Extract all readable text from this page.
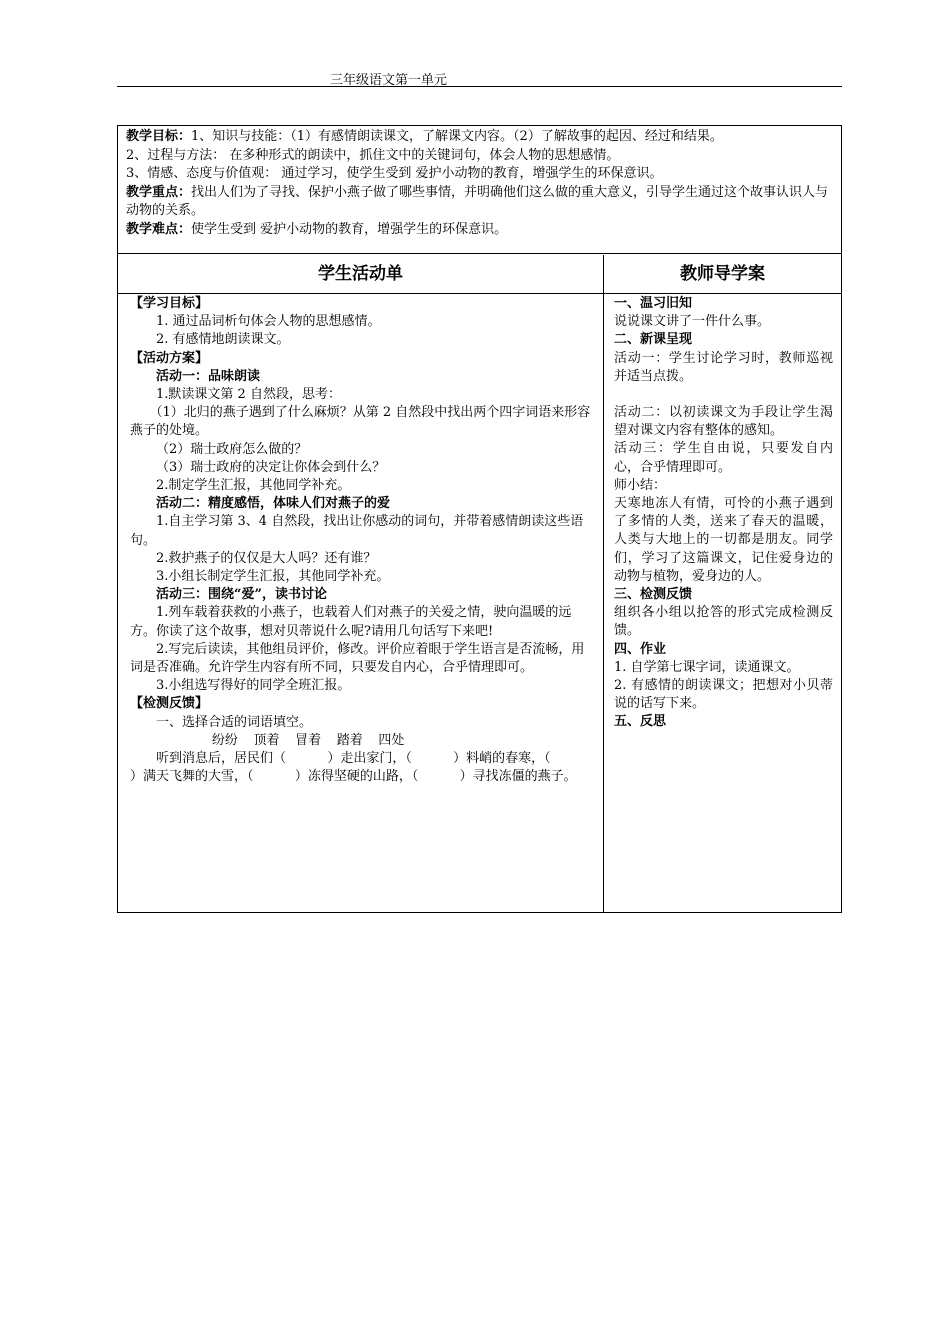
三年级语文第一单元

教学目标：1、知识与技能：（1）有感情朗读课文，了解课文内容。（2）了解故事的起因、经过和结果。

2、过程与方法： 在多种形式的朗读中，抓住文中的关键词句，体会人物的思想感情。

3、情感、态度与价值观： 通过学习，使学生受到 爱护小动物的教育，增强学生的环保意识。

教学重点：找出人们为了寻找、保护小燕子做了哪些事情，并明确他们这么做的重大意义，引导学生通过这个故事认识人与动物的关系。

教学难点：使学生受到 爱护小动物的教育，增强学生的环保意识。

学生活动单	教师导学案

【学习目标】

1. 通过品词析句体会人物的思想感情。

2. 有感情地朗读课文。

【活动方案】

活动一：品味朗读

1.默读课文第 2 自然段，思考：

（1）北归的燕子遇到了什么麻烦？从第 2 自然段中找出两个四字词语来形容燕子的处境。

（2）瑞士政府怎么做的？

（3）瑞士政府的决定让你体会到什么？

2.制定学生汇报，其他同学补充。

活动二：精度感悟，体味人们对燕子的爱

1.自主学习第 3、4 自然段，找出让你感动的词句，并带着感情朗读这些语句。

2.救护燕子的仅仅是大人吗？还有谁？

3.小组长制定学生汇报，其他同学补充。

活动三：围绕“爱”，读书讨论

1.列车载着获救的小燕子，也载着人们对燕子的关爱之情，驶向温暖的远方。你读了这个故事，想对贝蒂说什么呢?请用几句话写下来吧!

2.写完后读读，其他组员评价，修改。评价应着眼于学生语言是否流畅，用词是否准确。允许学生内容有所不同，只要发自内心，合乎情理即可。

3.小组选写得好的同学全班汇报。

【检测反馈】

一、选择合适的词语填空。

纷纷 顶着 冒着 踏着 四处

听到消息后，居民们（          ）走出家门，（          ）料峭的春寒，（          ）满天飞舞的大雪，（          ）冻得坚硬的山路，（          ）寻找冻僵的燕子。

一、温习旧知

说说课文讲了一件什么事。

二、新课呈现

活动一：学生讨论学习时，教师巡视并适当点拨。

活动二：以初读课文为手段让学生渴望对课文内容有整体的感知。

活动三：学生自由说，只要发自内心，合乎情理即可。

师小结：

天寒地冻人有情，可怜的小燕子遇到了多情的人类，送来了春天的温暖，人类与大地上的一切都是朋友。同学们，学习了这篇课文，记住爱身边的动物与植物，爱身边的人。

三、检测反馈

组织各小组以抢答的形式完成检测反馈。

四、作业

1. 自学第七课字词，读通课文。

2. 有感情的朗读课文；把想对小贝蒂说的话写下来。

五、反思
